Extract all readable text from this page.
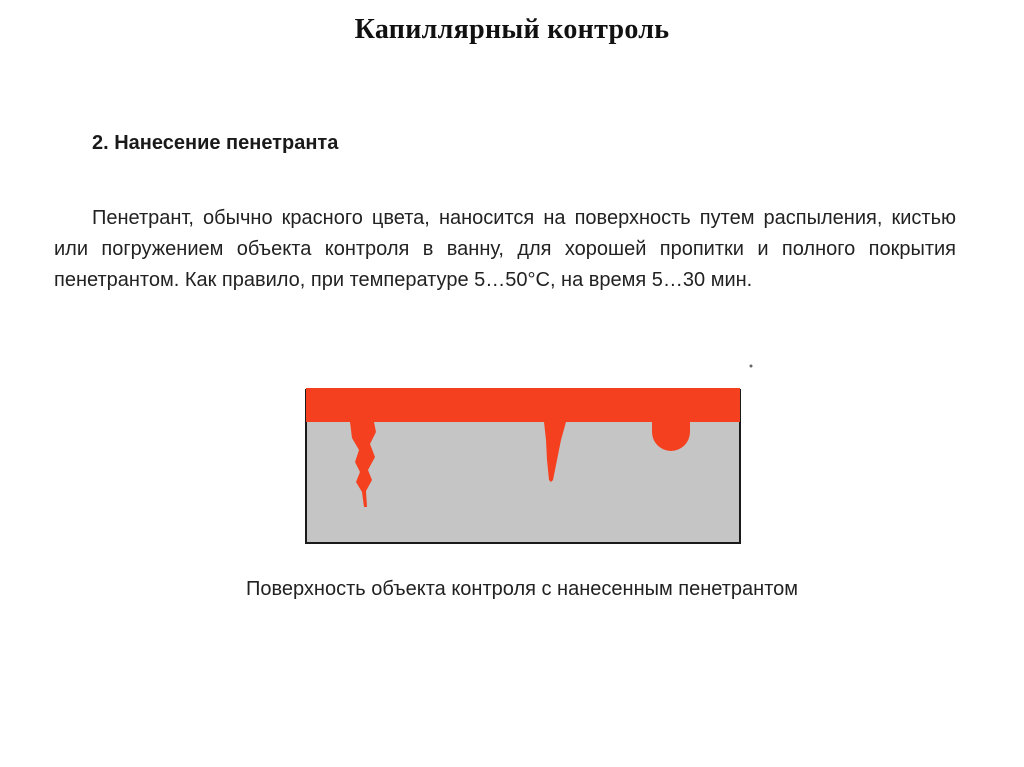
Капиллярный контроль
2. Нанесение пенетранта

Пенетрант, обычно красного цвета, наносится на поверхность путем распыления, кистью или погружением объекта контроля в ванну, для хорошей пропитки и полного покрытия пенетрантом. Как правило, при температуре 5…50°С, на время 5…30 мин.

Поверхность объекта контроля с нанесенным пенетрантом
